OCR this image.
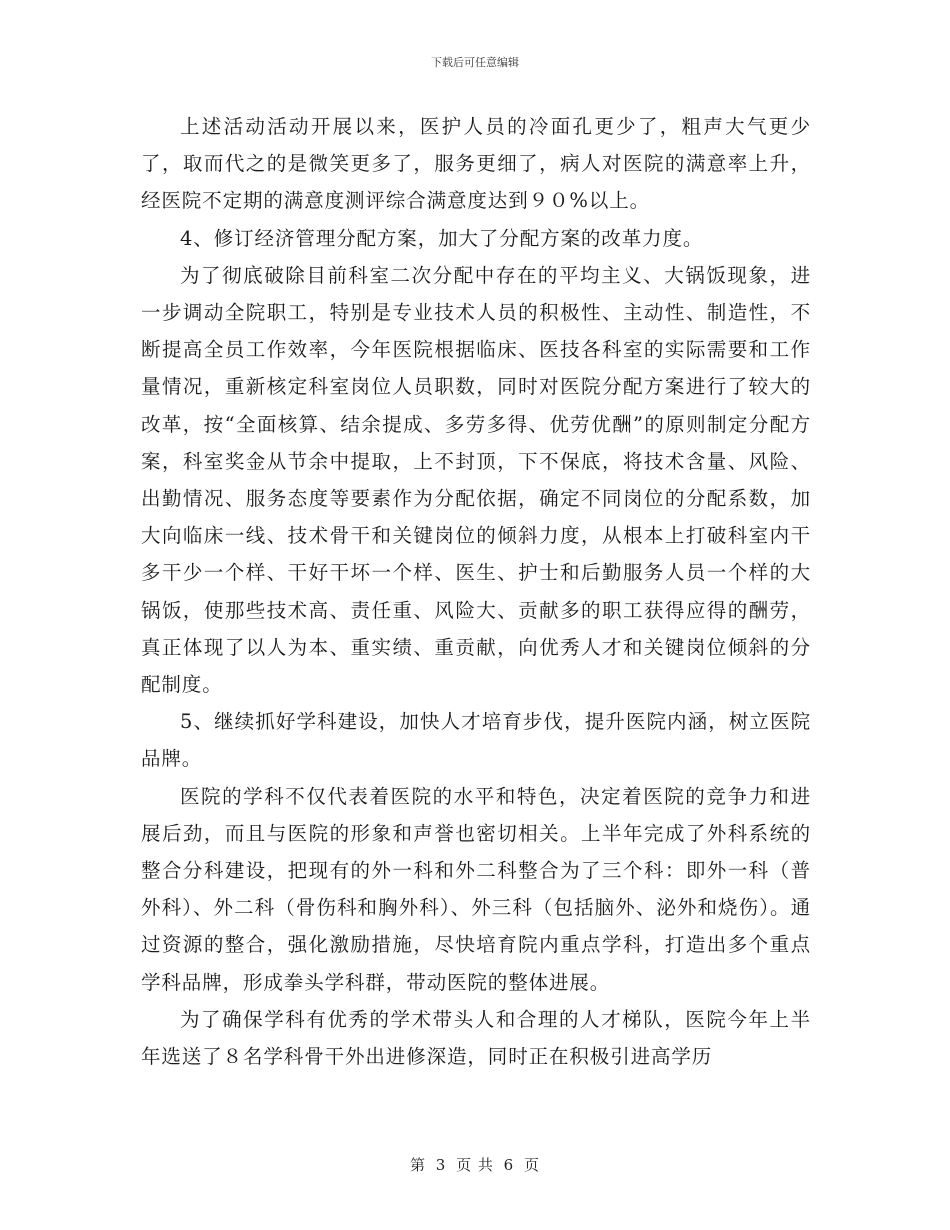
下载后可任意编辑

上述活动活动开展以来，医护人员的冷面孔更少了，粗声大气更少了，取而代之的是微笑更多了，服务更细了，病人对医院的满意率上升，经医院不定期的满意度测评综合满意度达到９０%以上。

4、修订经济管理分配方案，加大了分配方案的改革力度。

为了彻底破除目前科室二次分配中存在的平均主义、大锅饭现象，进一步调动全院职工，特别是专业技术人员的积极性、主动性、制造性，不断提高全员工作效率，今年医院根据临床、医技各科室的实际需要和工作量情况，重新核定科室岗位人员职数，同时对医院分配方案进行了较大的改革，按“全面核算、结余提成、多劳多得、优劳优酬”的原则制定分配方案，科室奖金从节余中提取，上不封顶，下不保底，将技术含量、风险、出勤情况、服务态度等要素作为分配依据，确定不同岗位的分配系数，加大向临床一线、技术骨干和关键岗位的倾斜力度，从根本上打破科室内干多干少一个样、干好干坏一个样、医生、护士和后勤服务人员一个样的大锅饭，使那些技术高、责任重、风险大、贡献多的职工获得应得的酬劳，真正体现了以人为本、重实绩、重贡献，向优秀人才和关键岗位倾斜的分配制度。

5、继续抓好学科建设，加快人才培育步伐，提升医院内涵，树立医院品牌。

医院的学科不仅代表着医院的水平和特色，决定着医院的竞争力和进展后劲，而且与医院的形象和声誉也密切相关。上半年完成了外科系统的整合分科建设，把现有的外一科和外二科整合为了三个科：即外一科（普外科）、外二科（骨伤科和胸外科）、外三科（包括脑外、泌外和烧伤）。通过资源的整合，强化激励措施，尽快培育院内重点学科，打造出多个重点学科品牌，形成拳头学科群，带动医院的整体进展。

为了确保学科有优秀的学术带头人和合理的人才梯队，医院今年上半年选送了８名学科骨干外出进修深造，同时正在积极引进高学历

第 3 页 共 6 页
